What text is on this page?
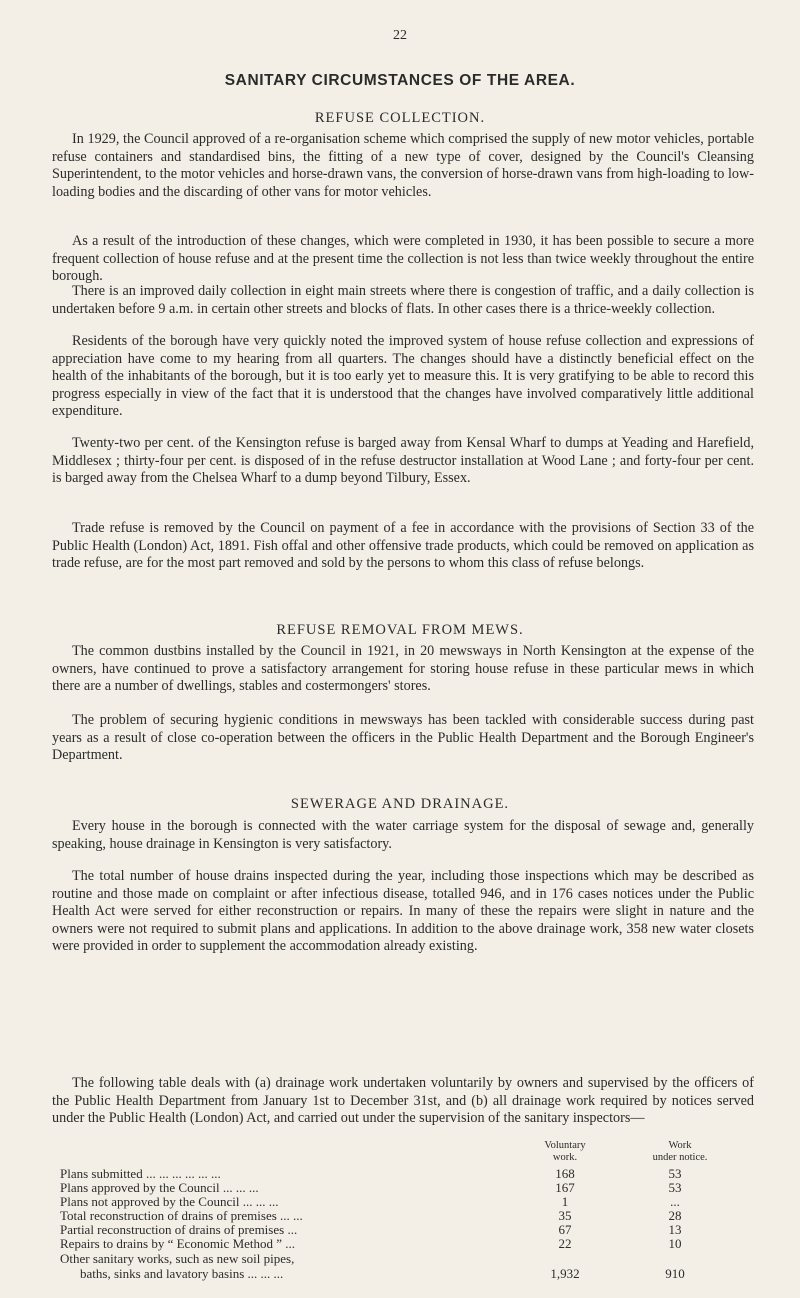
22
SANITARY CIRCUMSTANCES OF THE AREA.
REFUSE COLLECTION.

In 1929, the Council approved of a re-organisation scheme which comprised the supply of new motor vehicles, portable refuse containers and standardised bins, the fitting of a new type of cover, designed by the Council's Cleansing Superintendent, to the motor vehicles and horse-drawn vans, the conversion of horse-drawn vans from high-loading to low-loading bodies and the discarding of other vans for motor vehicles.

As a result of the introduction of these changes, which were completed in 1930, it has been possible to secure a more frequent collection of house refuse and at the present time the collection is not less than twice weekly throughout the entire borough.

There is an improved daily collection in eight main streets where there is congestion of traffic, and a daily collection is undertaken before 9 a.m. in certain other streets and blocks of flats. In other cases there is a thrice-weekly collection.

Residents of the borough have very quickly noted the improved system of house refuse collection and expressions of appreciation have come to my hearing from all quarters. The changes should have a distinctly beneficial effect on the health of the inhabitants of the borough, but it is too early yet to measure this. It is very gratifying to be able to record this progress especially in view of the fact that it is understood that the changes have involved comparatively little additional expenditure.

Twenty-two per cent. of the Kensington refuse is barged away from Kensal Wharf to dumps at Yeading and Harefield, Middlesex ; thirty-four per cent. is disposed of in the refuse destructor installation at Wood Lane ; and forty-four per cent. is barged away from the Chelsea Wharf to a dump beyond Tilbury, Essex.

Trade refuse is removed by the Council on payment of a fee in accordance with the provisions of Section 33 of the Public Health (London) Act, 1891. Fish offal and other offensive trade products, which could be removed on application as trade refuse, are for the most part removed and sold by the persons to whom this class of refuse belongs.

REFUSE REMOVAL FROM MEWS.

The common dustbins installed by the Council in 1921, in 20 mewsways in North Kensington at the expense of the owners, have continued to prove a satisfactory arrangement for storing house refuse in these particular mews in which there are a number of dwellings, stables and costermongers' stores.

The problem of securing hygienic conditions in mewsways has been tackled with considerable success during past years as a result of close co-operation between the officers in the Public Health Department and the Borough Engineer's Department.

SEWERAGE AND DRAINAGE.

Every house in the borough is connected with the water carriage system for the disposal of sewage and, generally speaking, house drainage in Kensington is very satisfactory.

The total number of house drains inspected during the year, including those inspections which may be described as routine and those made on complaint or after infectious disease, totalled 946, and in 176 cases notices under the Public Health Act were served for either reconstruction or repairs. In many of these the repairs were slight in nature and the owners were not required to submit plans and applications. In addition to the above drainage work, 358 new water closets were provided in order to supplement the accommodation already existing.

The following table deals with (a) drainage work undertaken voluntarily by owners and supervised by the officers of the Public Health Department from January 1st to December 31st, and (b) all drainage work required by notices served under the Public Health (London) Act, and carried out under the supervision of the sanitary inspectors—

Voluntary
work.
Work
under notice.
Plans submitted ... ... ... ... ... ...	168	53
Plans approved by the Council ... ... ...	167	53
Plans not approved by the Council ... ... ...	1	...
Total reconstruction of drains of premises ... ...	35	28
Partial reconstruction of drains of premises ...	67	13
Repairs to drains by “ Economic Method ” ...	22	10
Other sanitary works, such as new soil pipes,
baths, sinks and lavatory basins ... ... ...	1,932	910
